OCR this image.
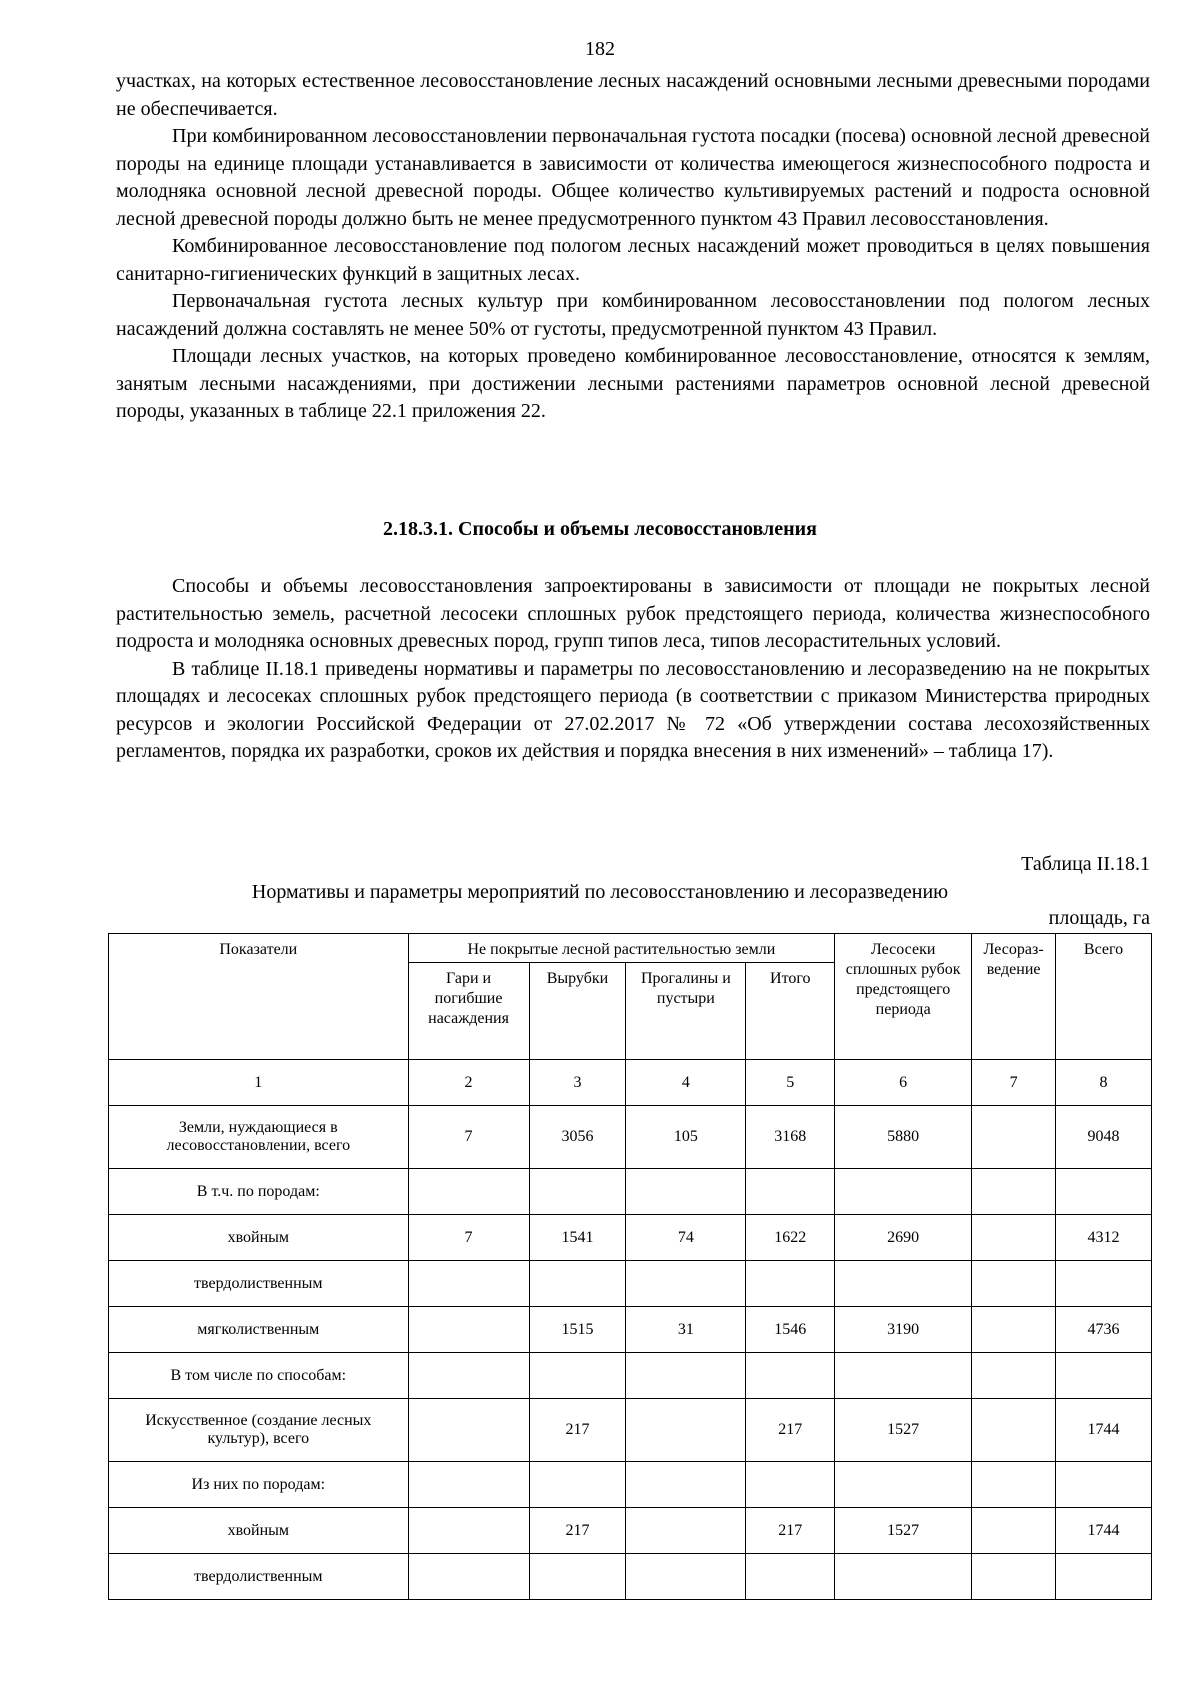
182

участках, на которых естественное лесовосстановление лесных насаждений основными лесными древесными породами не обеспечивается.

При комбинированном лесовосстановлении первоначальная густота посадки (посева) основной лесной древесной породы на единице площади устанавливается в зависимости от количества имеющегося жизнеспособного подроста и молодняка основной лесной древесной породы. Общее количество культивируемых растений и подроста основной лесной древесной породы должно быть не менее предусмотренного пунктом 43 Правил лесовосстановления.

Комбинированное лесовосстановление под пологом лесных насаждений может проводиться в целях повышения санитарно-гигиенических функций в защитных лесах.

Первоначальная густота лесных культур при комбинированном лесовосстановлении под пологом лесных насаждений должна составлять не менее 50% от густоты, предусмотренной пунктом 43 Правил.

Площади лесных участков, на которых проведено комбинированное лесовосстановление, относятся к землям, занятым лесными насаждениями, при достижении лесными растениями параметров основной лесной древесной породы, указанных в таблице 22.1 приложения 22.

2.18.3.1. Способы и объемы лесовосстановления

Способы и объемы лесовосстановления запроектированы в зависимости от площади не покрытых лесной растительностью земель, расчетной лесосеки сплошных рубок предстоящего периода, количества жизнеспособного подроста и молодняка основных древесных пород, групп типов леса, типов лесорастительных условий.

В таблице II.18.1 приведены нормативы и параметры по лесовосстановлению и лесоразведению на не покрытых площадях и лесосеках сплошных рубок предстоящего периода (в соответствии с приказом Министерства природных ресурсов и экологии Российской Федерации от 27.02.2017 № 72 «Об утверждении состава лесохозяйственных регламентов, порядка их разработки, сроков их действия и порядка внесения в них изменений» – таблица 17).

Таблица II.18.1
Нормативы и параметры мероприятий по лесовосстановлению и лесоразведению
площадь, га
Показатели	Не покрытые лесной растительностью земли				Лесосеки сплошных рубок предстоящего периода	Лесораз-ведение	Всего
	Гари и погибшие насаждения	Вырубки	Прогалины и пустыри	Итого			
1	2	3	4	5	6	7	8
Земли, нуждающиеся в лесовосстановлении, всего	7	3056	105	3168	5880		9048
В т.ч. по породам:							
хвойным	7	1541	74	1622	2690		4312
твердолиственным							
мягколиственным		1515	31	1546	3190		4736
В том числе по способам:							
Искусственное (создание лесных культур), всего		217		217	1527		1744
Из них по породам:							
хвойным		217		217	1527		1744
твердолиственным							
